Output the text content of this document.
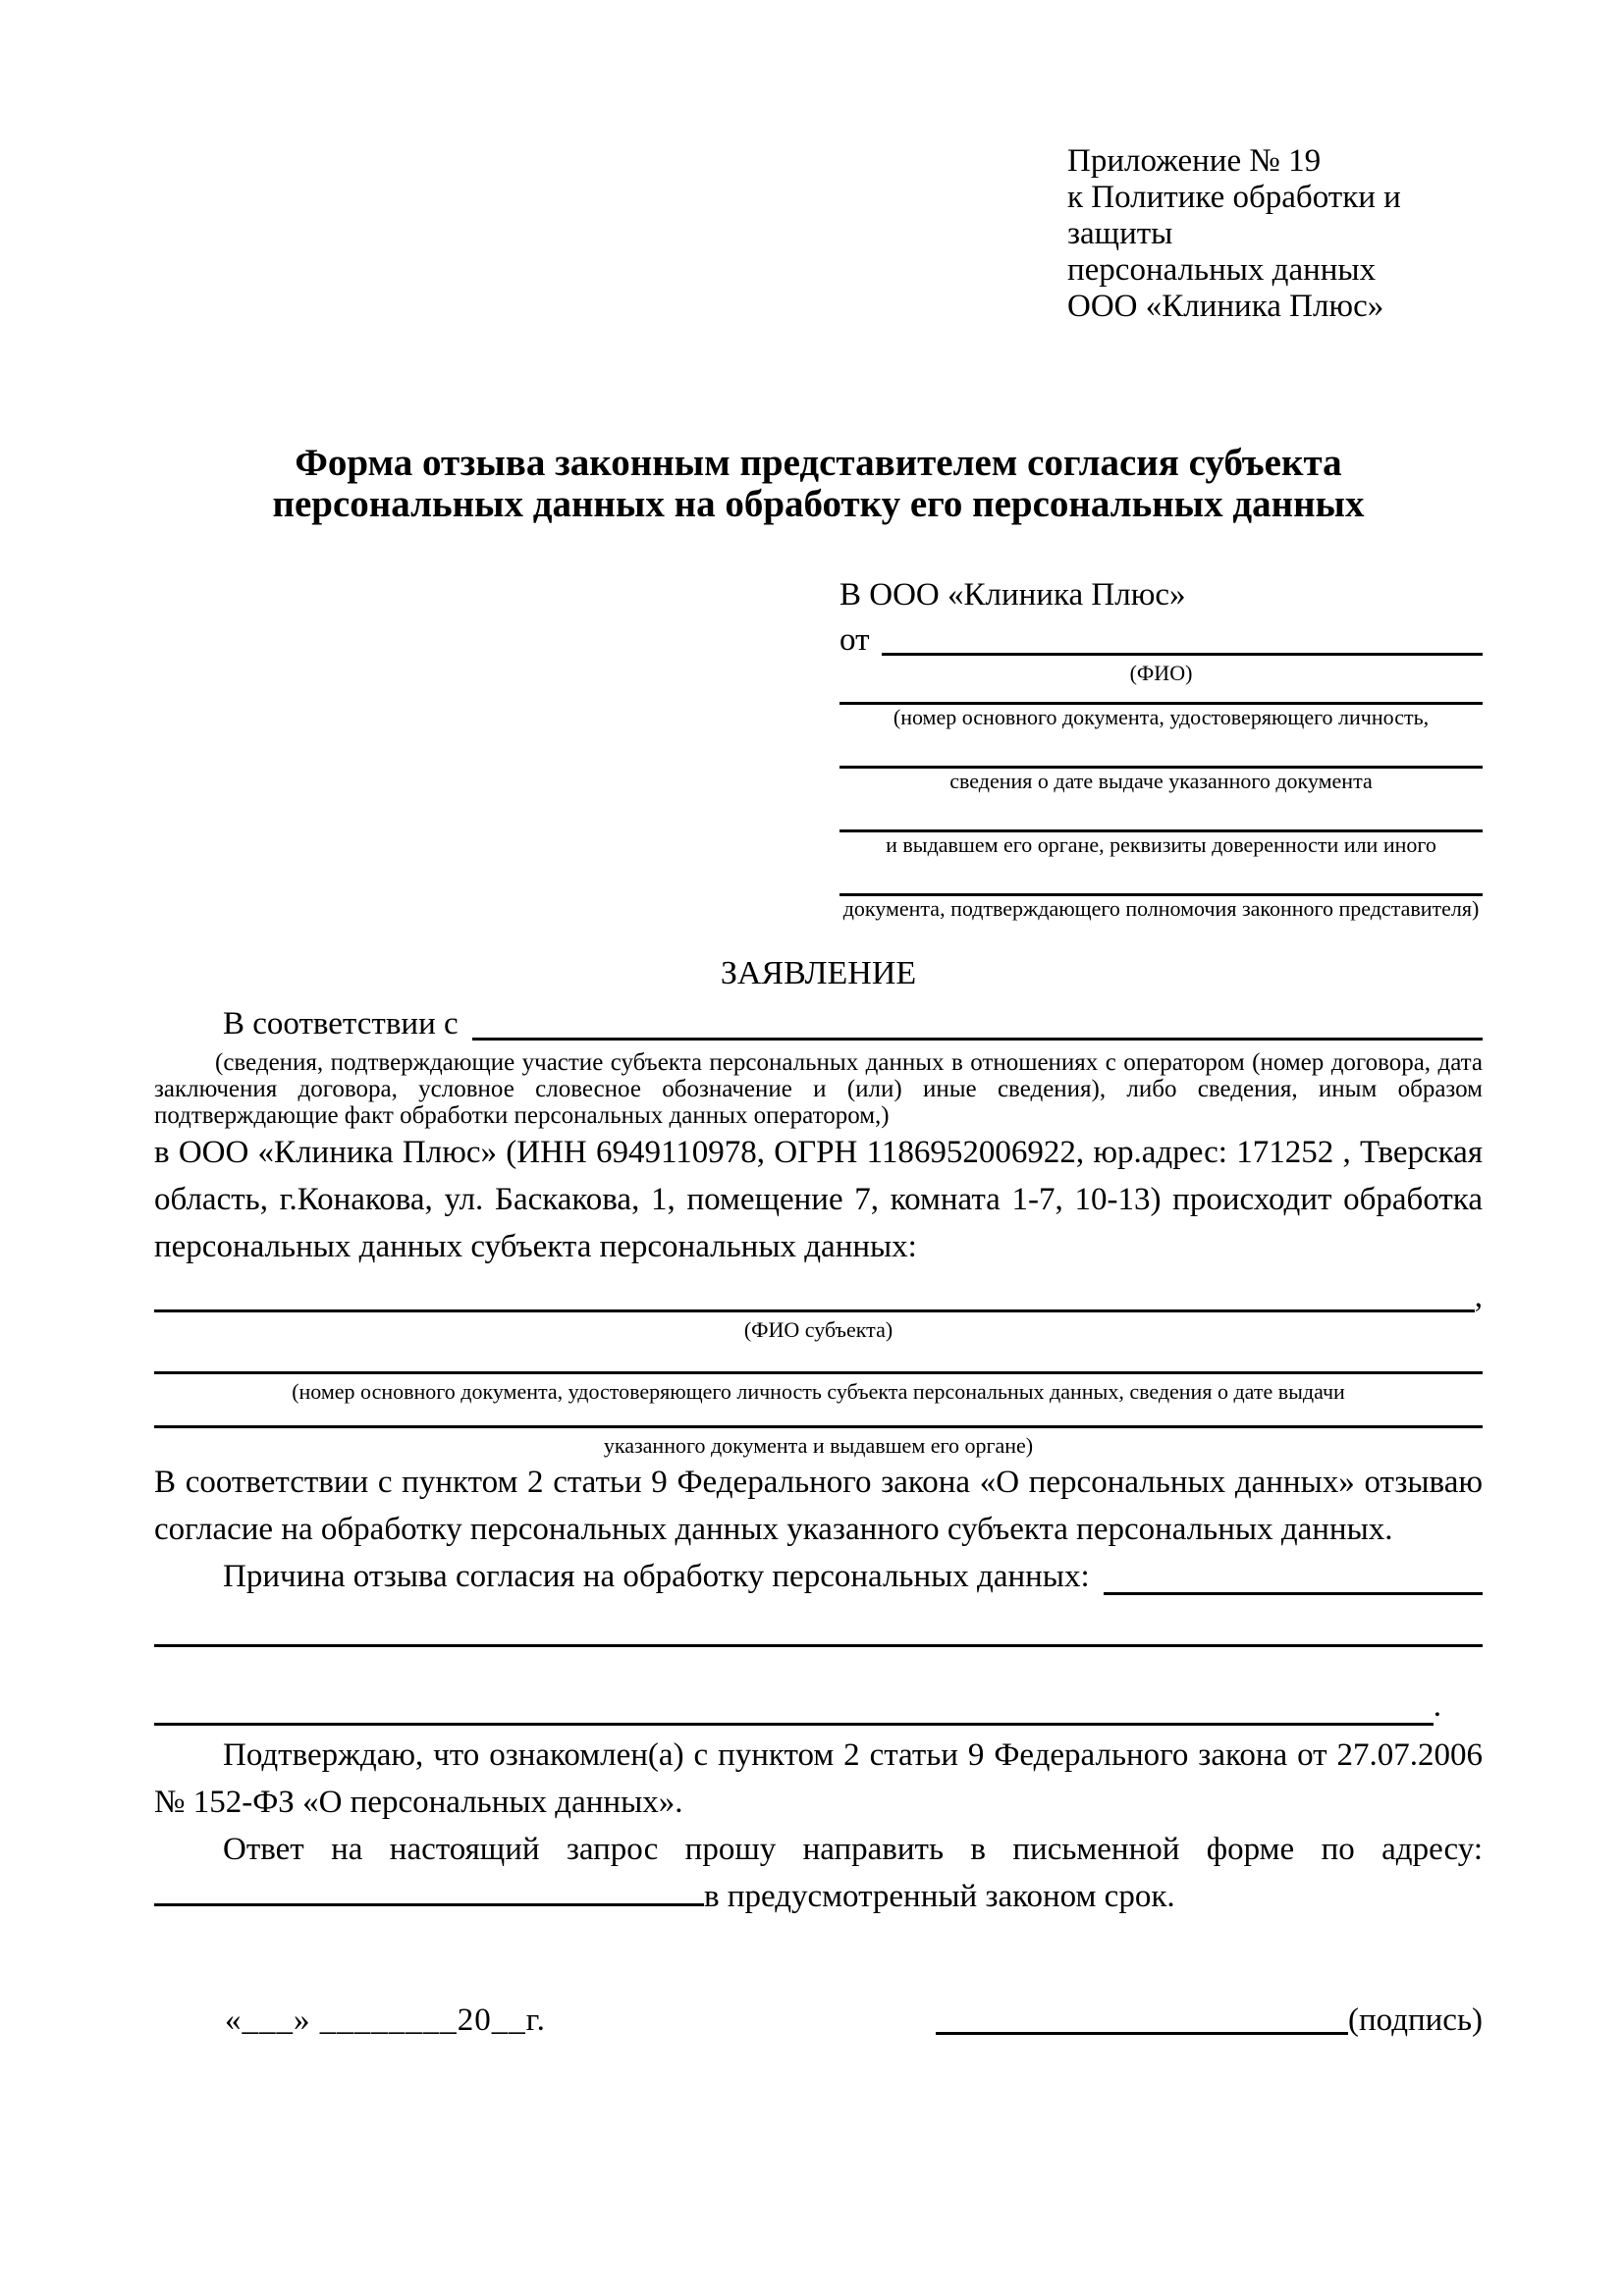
Приложение № 19
к Политике обработки и защиты
персональных данных
ООО «Клиника Плюс»
Форма отзыва законным представителем согласия субъекта
персональных данных на обработку его персональных данных
В ООО «Клиника Плюс»
от
(ФИО)
(номер основного документа, удостоверяющего личность,
сведения о дате выдаче указанного документа
и выдавшем его органе, реквизиты доверенности или иного
документа, подтверждающего полномочия законного представителя)
ЗАЯВЛЕНИЕ
В соответствии с
(сведения, подтверждающие участие субъекта персональных данных в отношениях с оператором (номер договора, дата заключения договора, условное словесное обозначение и (или) иные сведения), либо сведения, иным образом подтверждающие факт обработки персональных данных оператором,)
в ООО «Клиника Плюс» (ИНН 6949110978, ОГРН 1186952006922, юр.адрес: 171252 , Тверская область, г.Конакова, ул. Баскакова, 1, помещение 7, комната 1-7, 10-13) происходит обработка персональных данных субъекта персональных данных:
,
(ФИО субъекта)
(номер основного документа, удостоверяющего личность субъекта персональных данных, сведения о дате выдачи
указанного документа и выдавшем его органе)
В соответствии с пунктом 2 статьи 9 Федерального закона «О персональных данных» отзываю согласие на обработку персональных данных указанного субъекта персональных данных.
Причина отзыва согласия на обработку персональных данных:
.
Подтверждаю, что ознакомлен(а) с пунктом 2 статьи 9 Федерального закона от 27.07.2006 № 152-ФЗ «О персональных данных».
Ответ на настоящий запрос прошу направить в письменной форме по адресу: в предусмотренный законом срок.
«___» ________20__г.	(подпись)
